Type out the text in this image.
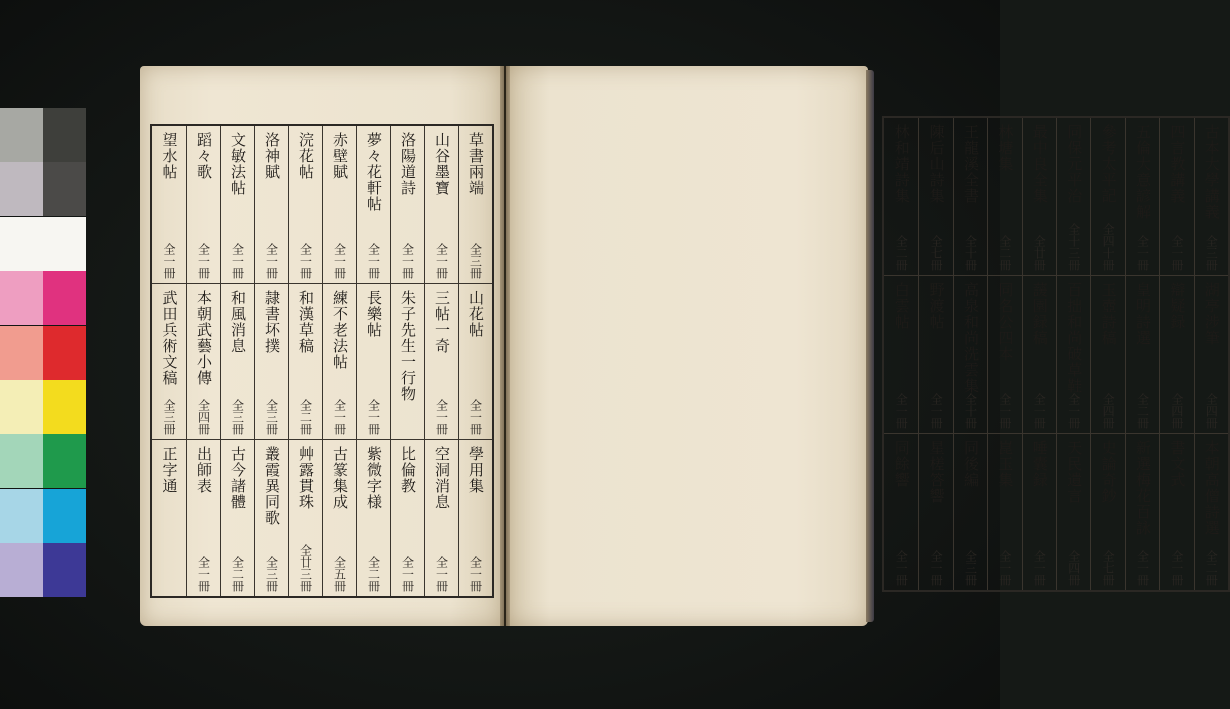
望水帖
全一冊
武田兵術文稿
全三冊
正字通
蹈々歌
全一冊
本朝武藝小傳
全四冊
出師表
全一冊
文敏法帖
全一冊
和風消息
全三冊
古今諸體
全二冊
洛神賦
全一冊
隷書坏撲
全三冊
叢霞異同歌
全三冊
浣花帖
全一冊
和漢草稿
全二冊
艸露貫珠
全廿三冊
赤壁賦
全一冊
練不老法帖
全一冊
古篆集成
全五冊
夢々花軒帖
全一冊
長樂帖
全一冊
紫微字様
全二冊
洛陽道詩
全一冊
朱子先生一行物
比倫教
全一冊
山谷墨寶
全一冊
三帖一奇
全一冊
空洞消息
全一冊
草書兩端
全三冊
山花帖
全一冊
學用集
全一冊
林和靖詩集
全二冊
白雲帖
全一冊
同餘響
全一冊
陳后山詩集
全七冊
野渡帖
全一冊
星槎答響
全一冊
王龍溪全書
全十冊
高泉和尚洗雲集
全十冊
同後編
全三冊
林塘集
全二冊
同名公四本
全一冊
崑玉集
全一冊
最中良全集
全廿冊
蘐園録稿
全一冊
唾囊録
全一冊
同保元平治
全十三冊
百拙和尚破草鞋
全一冊
天民遺言
全四冊
參考太平記
全四十冊
玉壺詩稿
全四冊
史論奇鈔
全七冊
五倫大意諺解
全一冊
皇明詩選
全二冊
新選梅花百詠
全一冊
四言教講義
全一冊
辯疑録
全四冊
書文式
全一冊
古本大學講義
全三冊
湖亭涉筆
全四冊
本朝高僧詩選
全二冊
